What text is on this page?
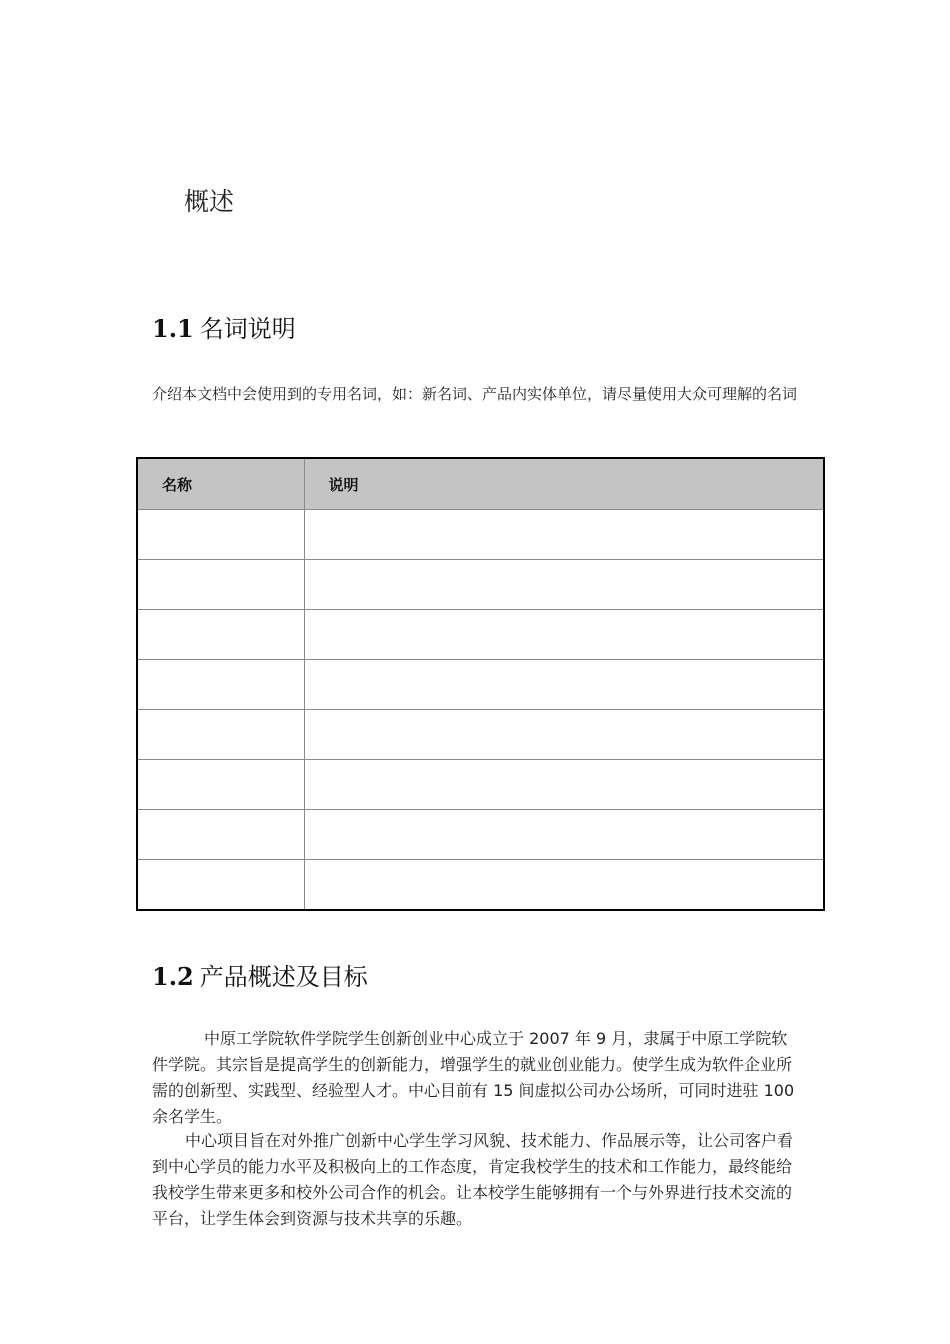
概述
1.1 名词说明
介绍本文档中会使用到的专用名词，如：新名词、产品内实体单位，请尽量使用大众可理解的名词
名称	说明

1.2 产品概述及目标

中原工学院软件学院学生创新创业中心成立于 2007 年 9 月，隶属于中原工学院软件学院。其宗旨是提高学生的创新能力，增强学生的就业创业能力。使学生成为软件企业所需的创新型、实践型、经验型人才。中心目前有 15 间虚拟公司办公场所，可同时进驻 100 余名学生。

中心项目旨在对外推广创新中心学生学习风貌、技术能力、作品展示等，让公司客户看到中心学员的能力水平及积极向上的工作态度，肯定我校学生的技术和工作能力，最终能给我校学生带来更多和校外公司合作的机会。让本校学生能够拥有一个与外界进行技术交流的平台，让学生体会到资源与技术共享的乐趣。
